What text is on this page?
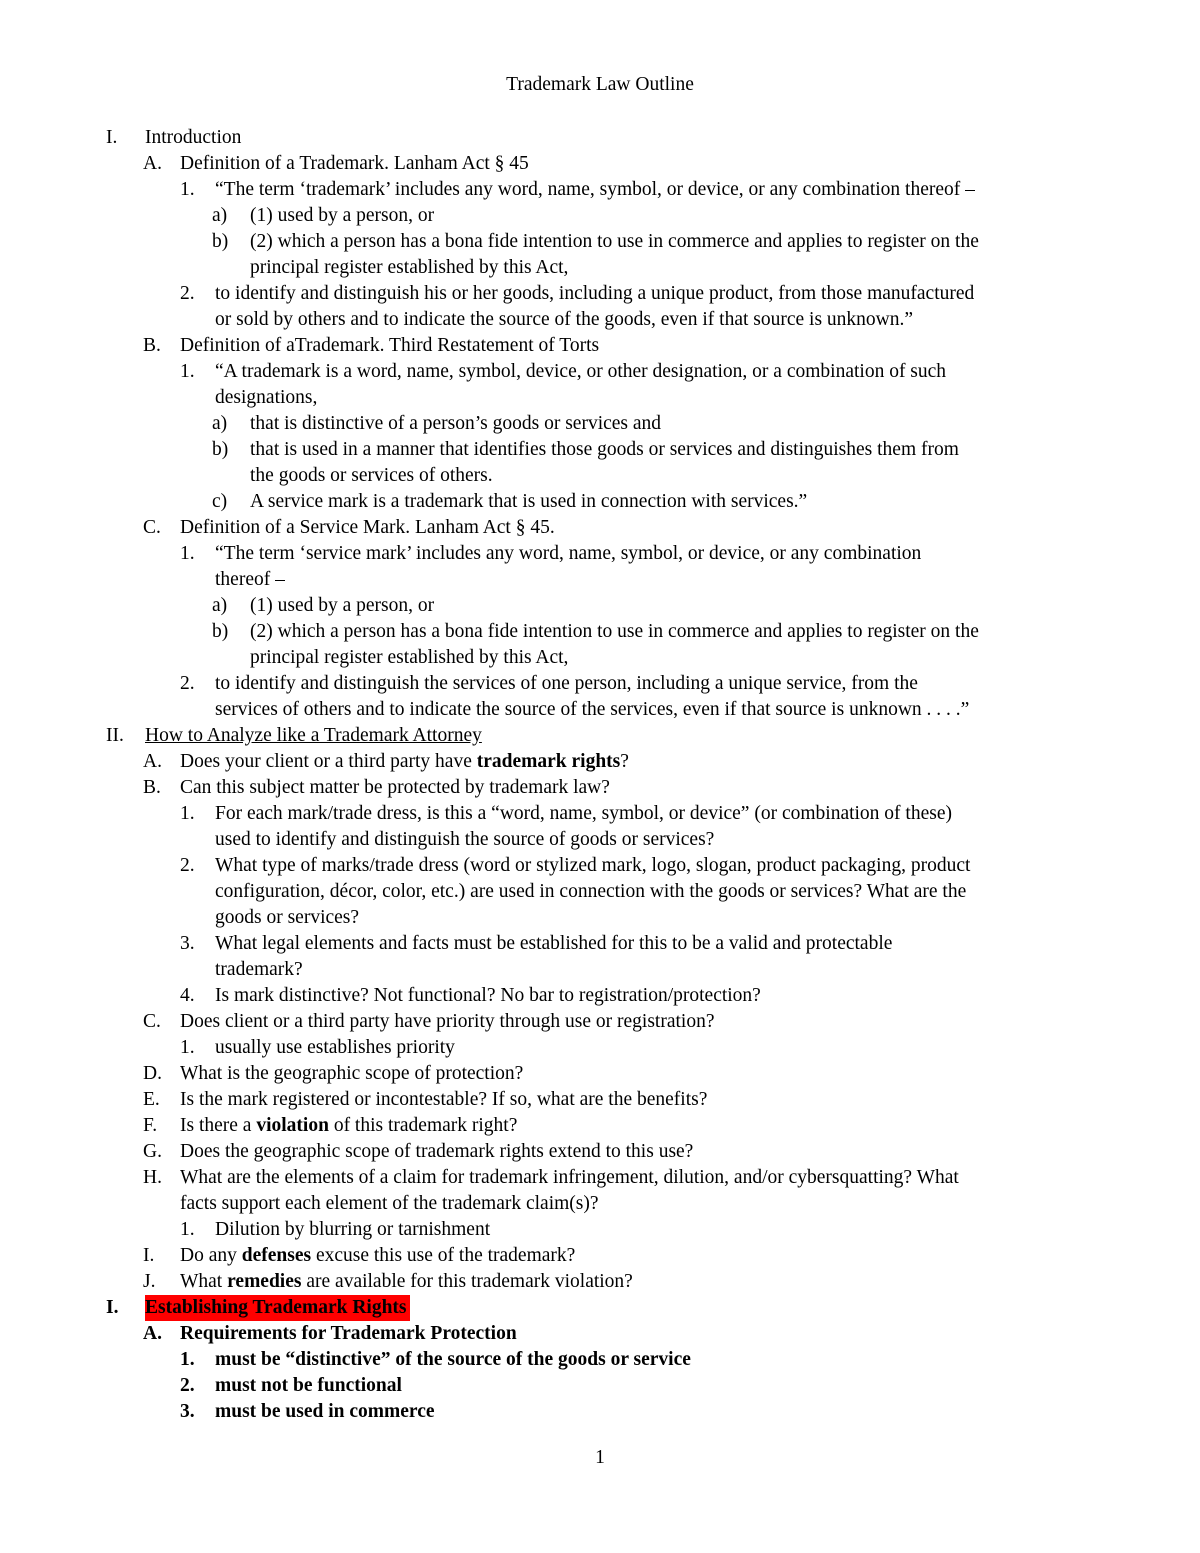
Trademark Law Outline
I. Introduction
A. Definition of a Trademark. Lanham Act § 45
1. “The term ‘trademark’ includes any word, name, symbol, or device, or any combination thereof –
a) (1) used by a person, or
b) (2) which a person has a bona fide intention to use in commerce and applies to register on the
principal register established by this Act,
2. to identify and distinguish his or her goods, including a unique product, from those manufactured
or sold by others and to indicate the source of the goods, even if that source is unknown.”
B. Definition of aTrademark. Third Restatement of Torts
1. “A trademark is a word, name, symbol, device, or other designation, or a combination of such
designations,
a) that is distinctive of a person’s goods or services and
b) that is used in a manner that identifies those goods or services and distinguishes them from
the goods or services of others.
c) A service mark is a trademark that is used in connection with services.”
C. Definition of a Service Mark. Lanham Act § 45.
1. “The term ‘service mark’ includes any word, name, symbol, or device, or any combination
thereof –
a) (1) used by a person, or
b) (2) which a person has a bona fide intention to use in commerce and applies to register on the
principal register established by this Act,
2. to identify and distinguish the services of one person, including a unique service, from the
services of others and to indicate the source of the services, even if that source is unknown . . . .”
II. How to Analyze like a Trademark Attorney
A. Does your client or a third party have trademark rights?
B. Can this subject matter be protected by trademark law?
1. For each mark/trade dress, is this a “word, name, symbol, or device” (or combination of these)
used to identify and distinguish the source of goods or services?
2. What type of marks/trade dress (word or stylized mark, logo, slogan, product packaging, product
configuration, décor, color, etc.) are used in connection with the goods or services? What are the
goods or services?
3. What legal elements and facts must be established for this to be a valid and protectable
trademark?
4. Is mark distinctive? Not functional? No bar to registration/protection?
C. Does client or a third party have priority through use or registration?
1. usually use establishes priority
D. What is the geographic scope of protection?
E. Is the mark registered or incontestable? If so, what are the benefits?
F. Is there a violation of this trademark right?
G. Does the geographic scope of trademark rights extend to this use?
H. What are the elements of a claim for trademark infringement, dilution, and/or cybersquatting? What
facts support each element of the trademark claim(s)?
1. Dilution by blurring or tarnishment
I. Do any defenses excuse this use of the trademark?
J. What remedies are available for this trademark violation?
I. Establishing Trademark Rights
A. Requirements for Trademark Protection
1. must be “distinctive” of the source of the goods or service
2. must not be functional
3. must be used in commerce
1
